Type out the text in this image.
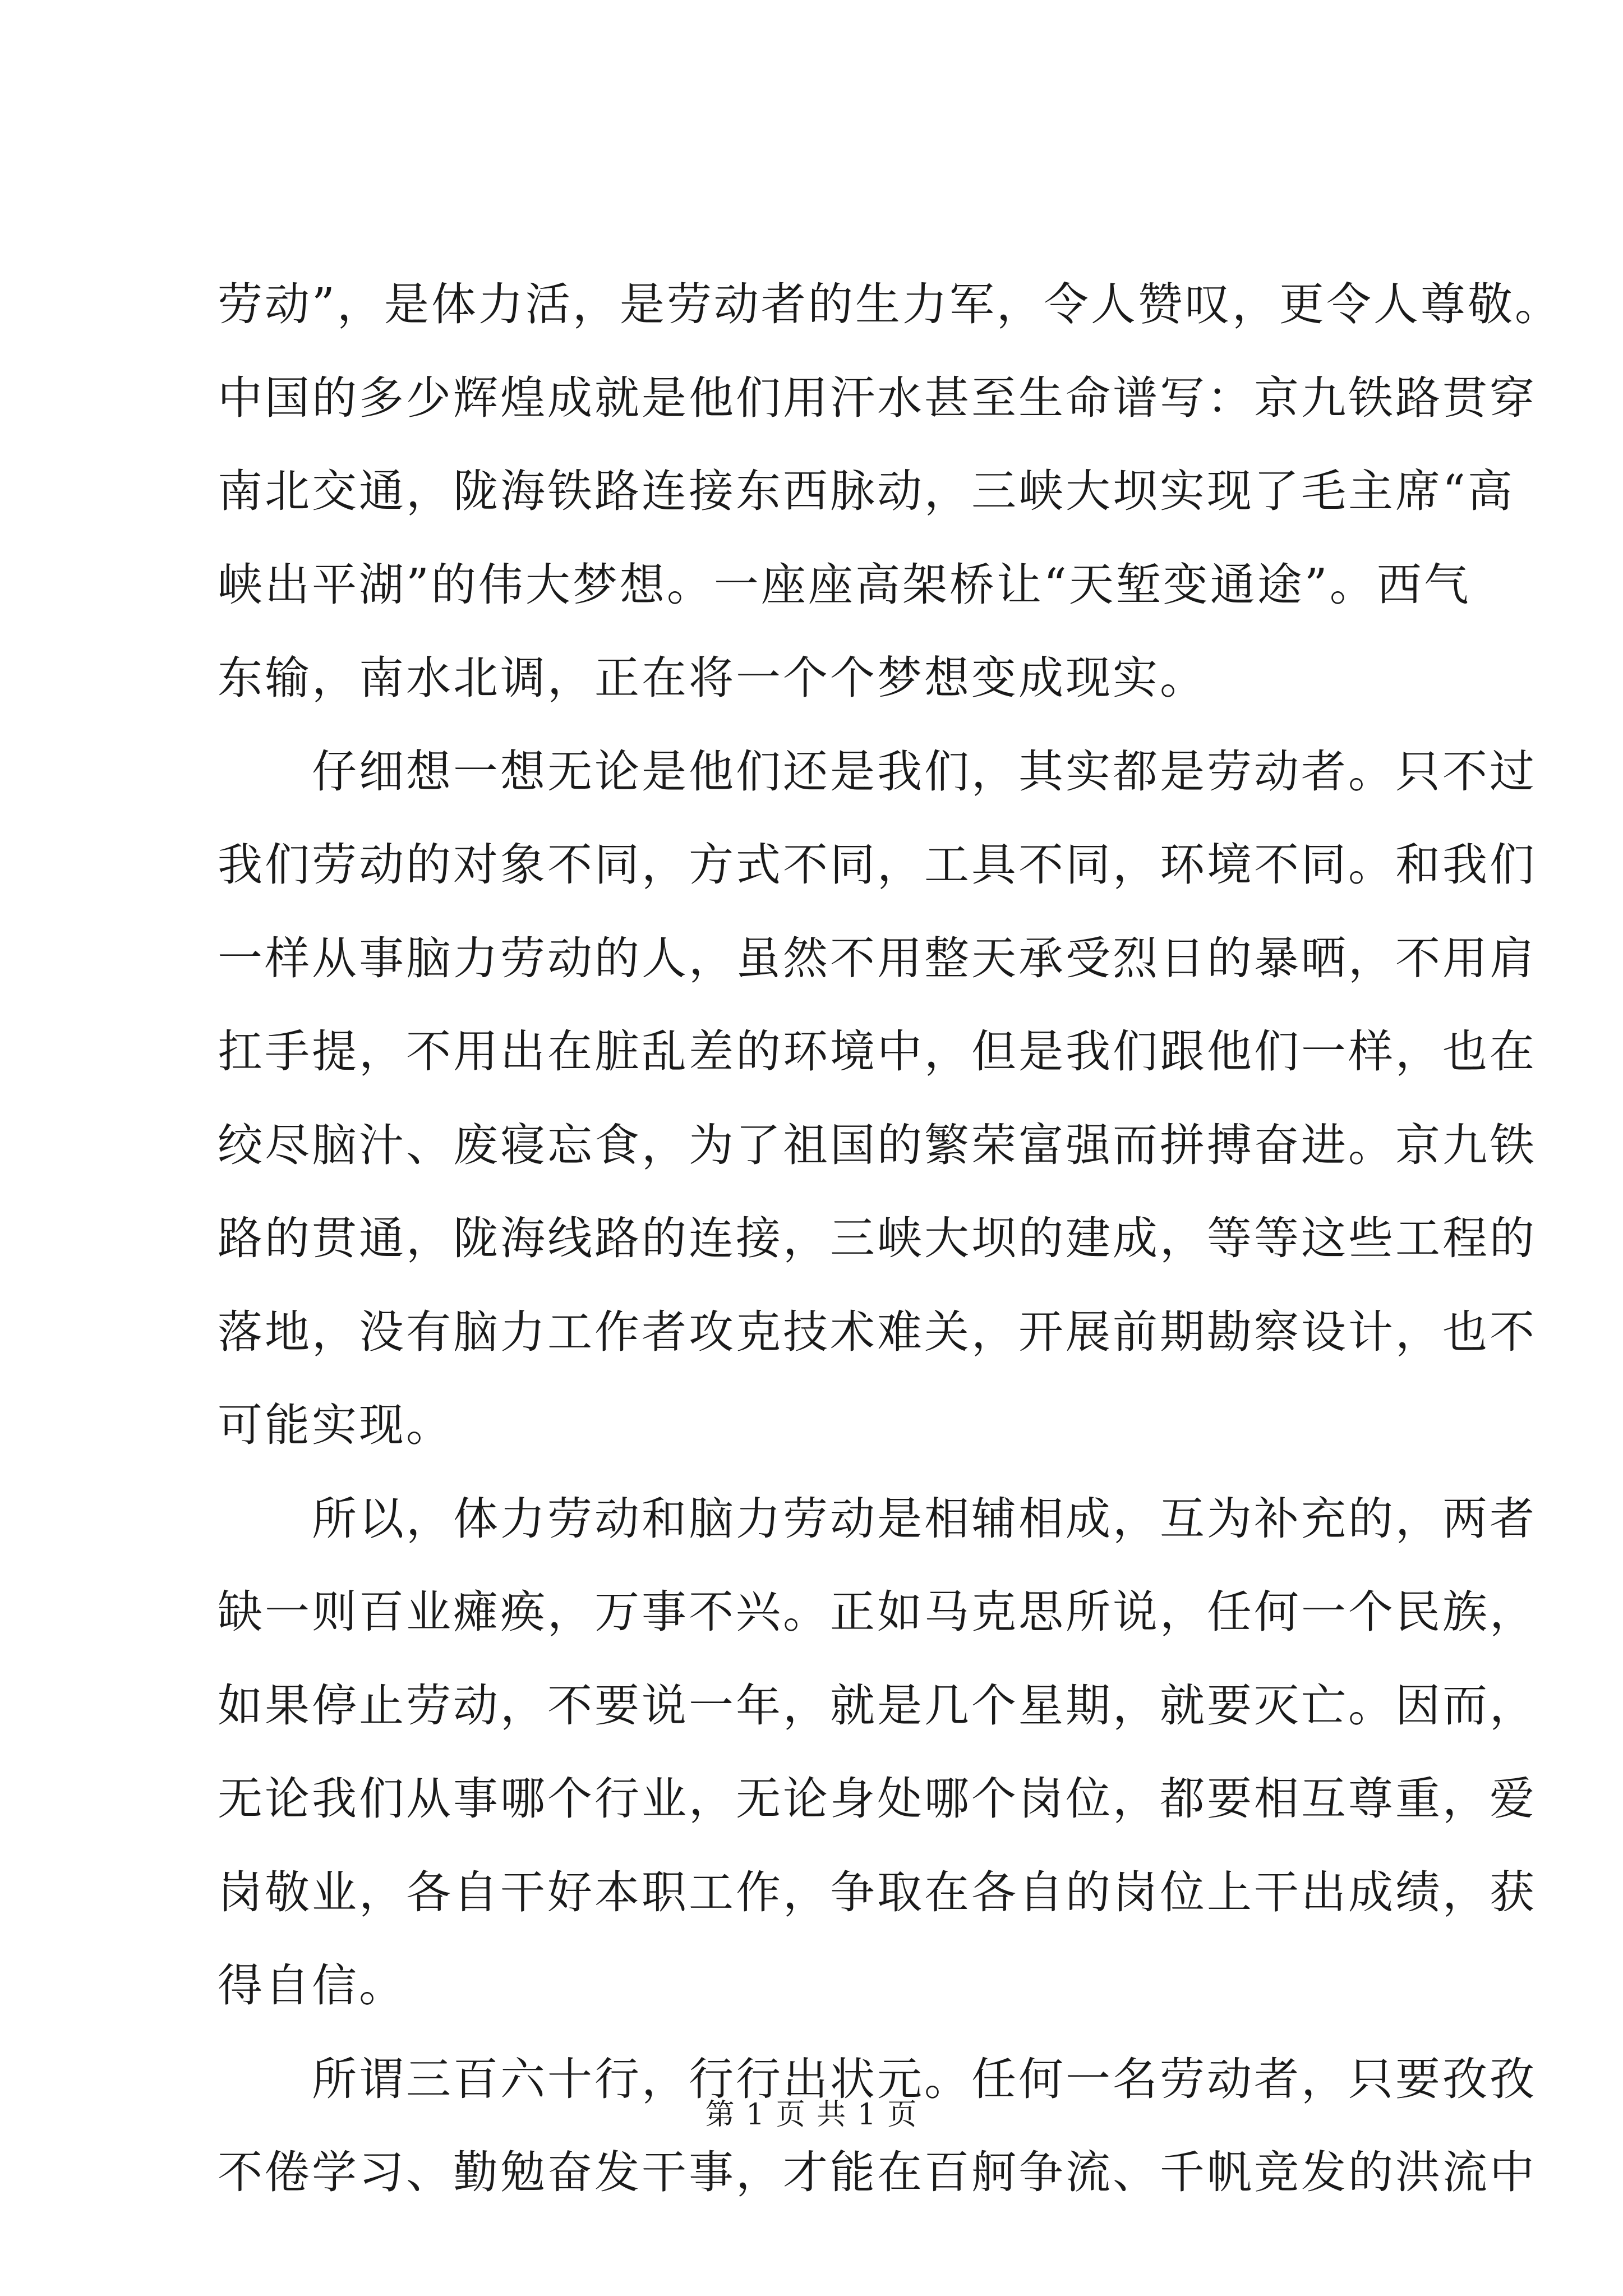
劳动”，是体力活，是劳动者的生力军，令人赞叹，更令人尊敬。
中国的多少辉煌成就是他们用汗水甚至生命谱写：京九铁路贯穿
南北交通，陇海铁路连接东西脉动，三峡大坝实现了毛主席“高
峡出平湖”的伟大梦想。一座座高架桥让“天堑变通途”。西气
东输，南水北调，正在将一个个梦想变成现实。
仔细想一想无论是他们还是我们，其实都是劳动者。只不过
我们劳动的对象不同，方式不同，工具不同，环境不同。和我们
一样从事脑力劳动的人，虽然不用整天承受烈日的暴晒，不用肩
扛手提，不用出在脏乱差的环境中，但是我们跟他们一样，也在
绞尽脑汁、废寝忘食，为了祖国的繁荣富强而拼搏奋进。京九铁
路的贯通，陇海线路的连接，三峡大坝的建成，等等这些工程的
落地，没有脑力工作者攻克技术难关，开展前期勘察设计，也不
可能实现。
所以，体力劳动和脑力劳动是相辅相成，互为补充的，两者
缺一则百业瘫痪，万事不兴。正如马克思所说，任何一个民族，
如果停止劳动，不要说一年，就是几个星期，就要灭亡。因而，
无论我们从事哪个行业，无论身处哪个岗位，都要相互尊重，爱
岗敬业，各自干好本职工作，争取在各自的岗位上干出成绩，获
得自信。
所谓三百六十行，行行出状元。任何一名劳动者，只要孜孜
不倦学习、勤勉奋发干事，才能在百舸争流、千帆竞发的洪流中
第 1 页 共 1 页
